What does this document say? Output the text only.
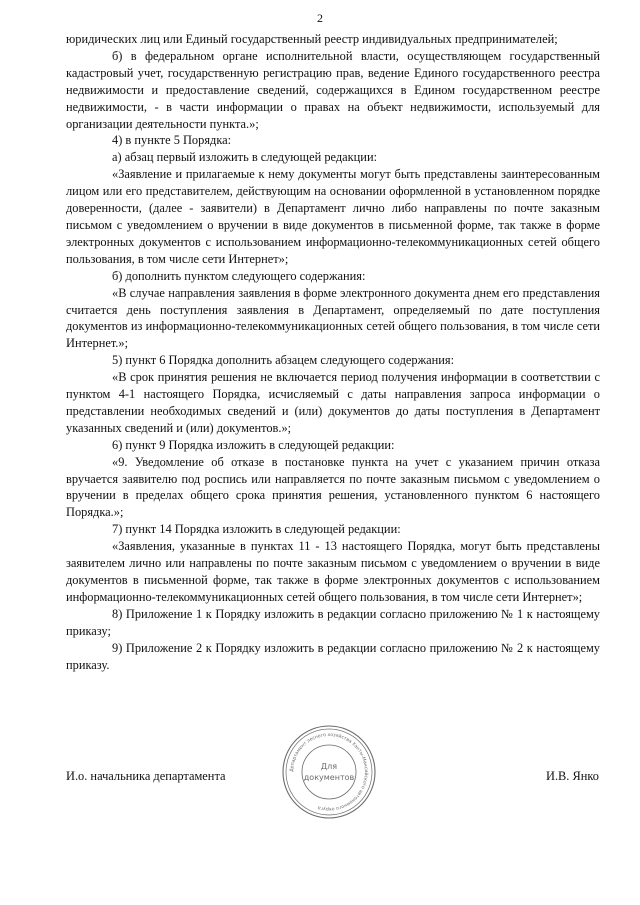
2

юридических лиц или Единый государственный реестр индивидуальных предпринимателей;

б) в федеральном органе исполнительной власти, осуществляющем государственный кадастровый учет, государственную регистрацию прав, ведение Единого государственного реестра недвижимости и предоставление сведений, содержащихся в Едином государственном реестре недвижимости, - в части информации о правах на объект недвижимости, используемый для организации деятельности пункта.»;

4) в пункте 5 Порядка:

а) абзац первый изложить в следующей редакции:

«Заявление и прилагаемые к нему документы могут быть представлены заинтересованным лицом или его представителем, действующим на основании оформленной в установленном порядке доверенности, (далее - заявители) в Департамент лично либо направлены по почте заказным письмом с уведомлением о вручении в виде документов в письменной форме, так также в форме электронных документов с использованием информационно-телекоммуникационных сетей общего пользования, в том числе сети Интернет»;

б) дополнить пунктом следующего содержания:

«В случае направления заявления в форме электронного документа днем его представления считается день поступления заявления в Департамент, определяемый по дате поступления документов из информационно-телекоммуникационных сетей общего пользования, в том числе сети Интернет.»;

5) пункт 6 Порядка дополнить абзацем следующего содержания:

«В срок принятия решения не включается период получения информации в соответствии с пунктом 4-1 настоящего Порядка, исчисляемый с даты направления запроса информации о представлении необходимых сведений и (или) документов до даты поступления в Департамент указанных сведений и (или) документов.»;

6) пункт 9 Порядка изложить в следующей редакции:

«9. Уведомление об отказе в постановке пункта на учет с указанием причин отказа вручается заявителю под роспись или направляется по почте заказным письмом с уведомлением о вручении в пределах общего срока принятия решения, установленного пунктом 6 настоящего Порядка.»;

7) пункт 14 Порядка изложить в следующей редакции:

«Заявления, указанные в пунктах 11 - 13 настоящего Порядка, могут быть представлены заявителем лично или направлены по почте заказным письмом с уведомлением о вручении в виде документов в письменной форме, так также в форме электронных документов с использованием информационно-телекоммуникационных сетей общего пользования, в том числе сети Интернет»;

8) Приложение 1 к Порядку изложить в редакции согласно приложению № 1 к настоящему приказу;

9) Приложение 2 к Порядку изложить в редакции согласно приложению № 2 к настоящему приказу.

И.о. начальника департамента	Департамент лесного хозяйства Ханты-Мансийского автономного округа
Для
документов	И.В. Янко
